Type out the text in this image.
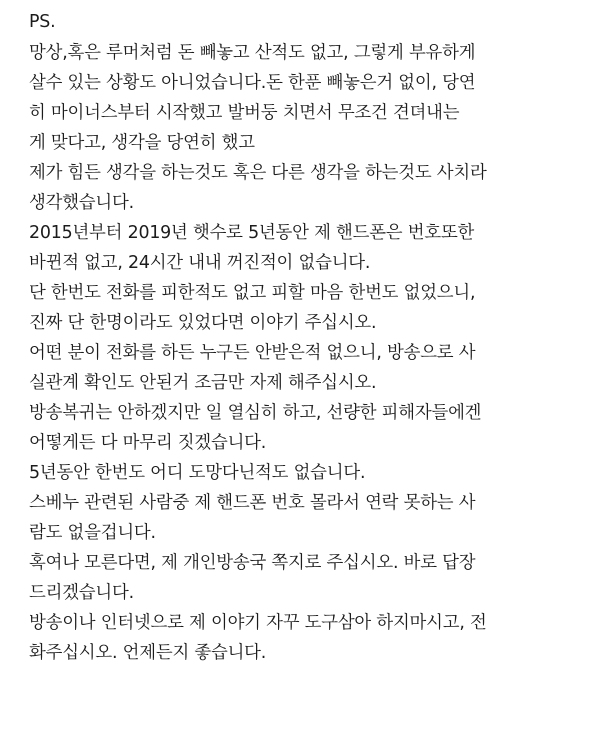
PS.
망상,혹은 루머처럼 돈 빼놓고 산적도 없고, 그렇게 부유하게
살수 있는 상황도 아니었습니다.돈 한푼 빼놓은거 없이, 당연
히 마이너스부터 시작했고 발버둥 치면서 무조건 견뎌내는
게 맞다고, 생각을 당연히 했고
제가 힘든 생각을 하는것도 혹은 다른 생각을 하는것도 사치라
생각했습니다.
2015년부터 2019년 햇수로 5년동안 제 핸드폰은 번호또한
바뀐적 없고, 24시간 내내 꺼진적이 없습니다.
단 한번도 전화를 피한적도 없고 피할 마음 한번도 없었으니,
진짜 단 한명이라도 있었다면 이야기 주십시오.
어떤 분이 전화를 하든 누구든 안받은적 없으니, 방송으로 사
실관계 확인도 안된거 조금만 자제 해주십시오.
방송복귀는 안하겠지만 일 열심히 하고, 선량한 피해자들에겐
어떻게든 다 마무리 짓겠습니다.
5년동안 한번도 어디 도망다닌적도 없습니다.
스베누 관련된 사람중 제 핸드폰 번호 몰라서 연락 못하는 사
람도 없을겁니다.
혹여나 모른다면, 제 개인방송국 쪽지로 주십시오. 바로 답장
드리겠습니다.
방송이나 인터넷으로 제 이야기 자꾸 도구삼아 하지마시고, 전
화주십시오. 언제든지 좋습니다.
